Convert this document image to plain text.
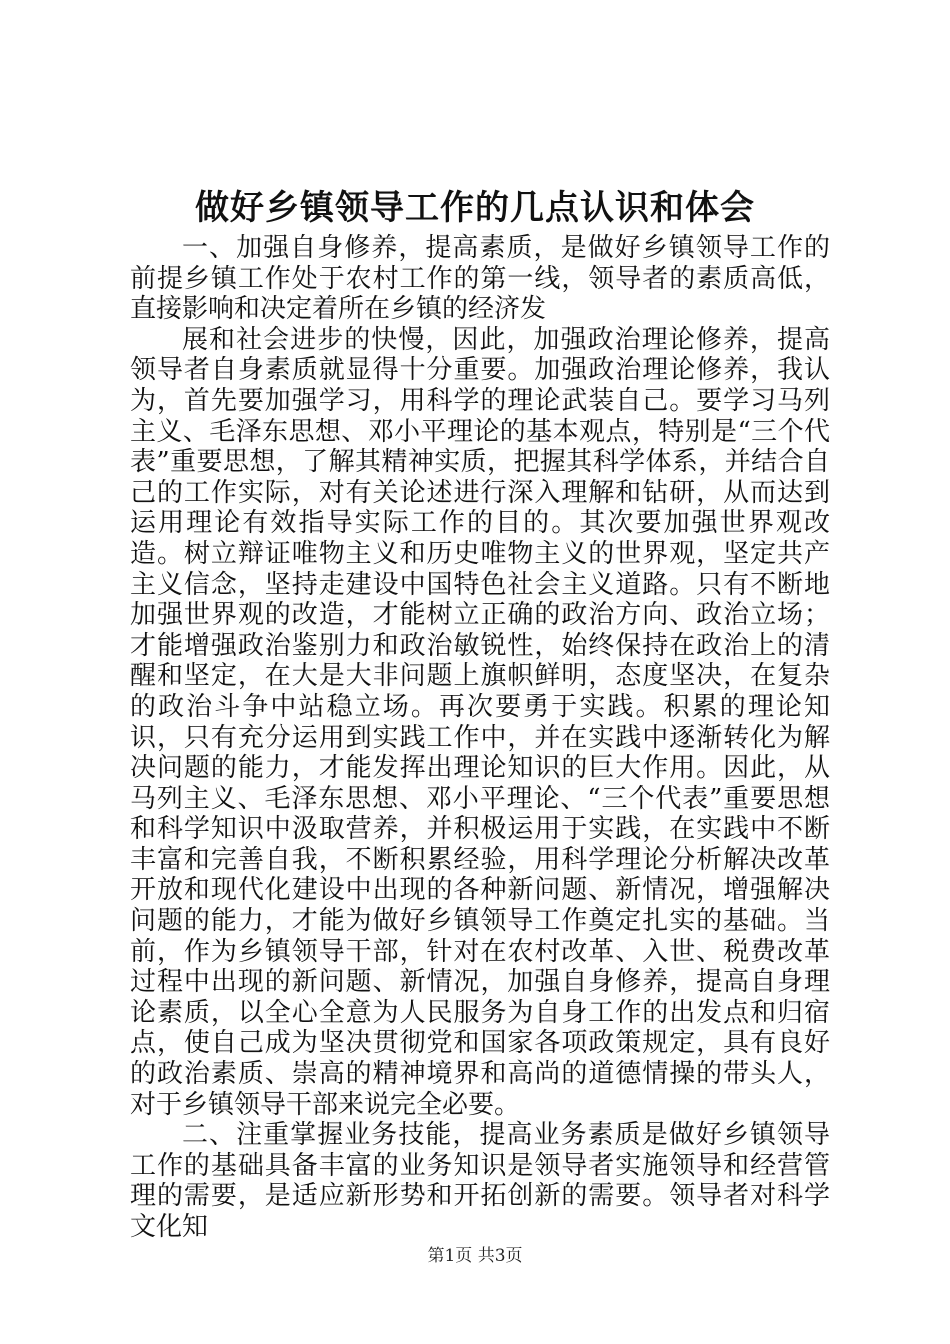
做好乡镇领导工作的几点认识和体会

一、加强自身修养，提高素质，是做好乡镇领导工作的前提乡镇工作处于农村工作的第一线，领导者的素质高低，直接影响和决定着所在乡镇的经济发

展和社会进步的快慢，因此，加强政治理论修养，提高领导者自身素质就显得十分重要。加强政治理论修养，我认为，首先要加强学习，用科学的理论武装自己。要学习马列主义、毛泽东思想、邓小平理论的基本观点，特别是“三个代表”重要思想，了解其精神实质，把握其科学体系，并结合自己的工作实际，对有关论述进行深入理解和钻研，从而达到运用理论有效指导实际工作的目的。其次要加强世界观改造。树立辩证唯物主义和历史唯物主义的世界观，坚定共产主义信念，坚持走建设中国特色社会主义道路。只有不断地加强世界观的改造，才能树立正确的政治方向、政治立场；才能增强政治鉴别力和政治敏锐性，始终保持在政治上的清醒和坚定，在大是大非问题上旗帜鲜明，态度坚决，在复杂的政治斗争中站稳立场。再次要勇于实践。积累的理论知识，只有充分运用到实践工作中，并在实践中逐渐转化为解决问题的能力，才能发挥出理论知识的巨大作用。因此，从马列主义、毛泽东思想、邓小平理论、“三个代表”重要思想和科学知识中汲取营养，并积极运用于实践，在实践中不断丰富和完善自我，不断积累经验，用科学理论分析解决改革开放和现代化建设中出现的各种新问题、新情况，增强解决问题的能力，才能为做好乡镇领导工作奠定扎实的基础。当前，作为乡镇领导干部，针对在农村改革、入世、税费改革过程中出现的新问题、新情况，加强自身修养，提高自身理论素质，以全心全意为人民服务为自身工作的出发点和归宿点，使自己成为坚决贯彻党和国家各项政策规定，具有良好的政治素质、崇高的精神境界和高尚的道德情操的带头人，对于乡镇领导干部来说完全必要。

二、注重掌握业务技能，提高业务素质是做好乡镇领导工作的基础具备丰富的业务知识是领导者实施领导和经营管理的需要，是适应新形势和开拓创新的需要。领导者对科学文化知

第1页 共3页
